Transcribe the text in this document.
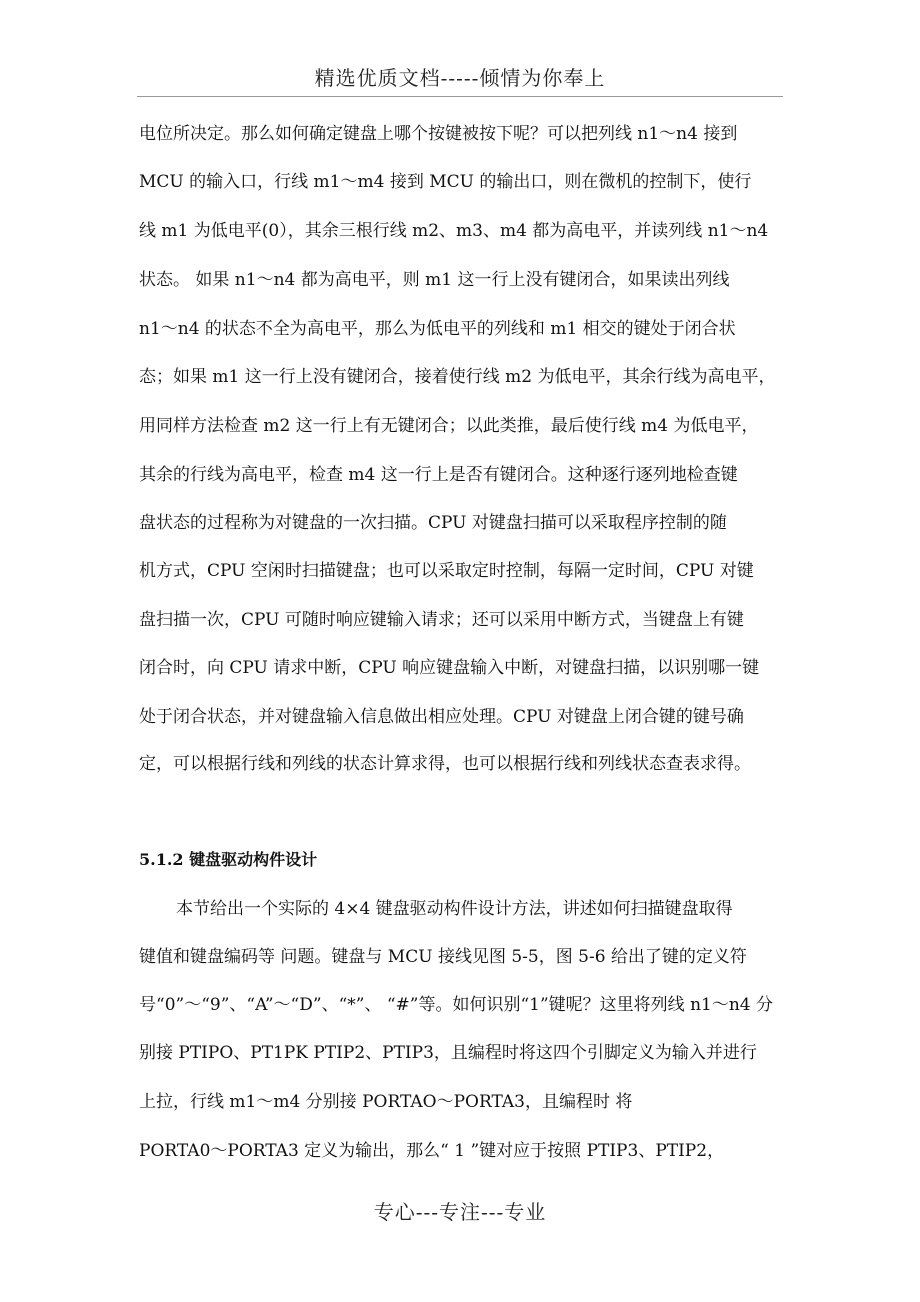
精选优质文档-----倾情为你奉上
电位所决定。那么如何确定键盘上哪个按键被按下呢？可以把列线 n1～n4 接到
MCU 的输入口，行线 m1～m4 接到 MCU 的输出口，则在微机的控制下，使行
线 m1 为低电平(0），其余三根行线 m2、m3、m4 都为高电平，并读列线 n1～n4
状态。 如果 n1～n4 都为高电平，则 m1 这一行上没有键闭合，如果读出列线
n1～n4 的状态不全为高电平，那么为低电平的列线和 m1 相交的键处于闭合状
态；如果 m1 这一行上没有键闭合，接着使行线 m2 为低电平，其余行线为高电平，
用同样方法检查 m2 这一行上有无键闭合；以此类推，最后使行线 m4 为低电平，
其余的行线为高电平，检查 m4 这一行上是否有键闭合。这种逐行逐列地检查键
盘状态的过程称为对键盘的一次扫描。CPU 对键盘扫描可以采取程序控制的随
机方式，CPU 空闲时扫描键盘；也可以采取定时控制，每隔一定时间，CPU 对键
盘扫描一次，CPU 可随时响应键输入请求；还可以采用中断方式，当键盘上有键
闭合时，向 CPU 请求中断，CPU 响应键盘输入中断，对键盘扫描，以识别哪一键
处于闭合状态，并对键盘输入信息做出相应处理。CPU 对键盘上闭合键的键号确
定，可以根据行线和列线的状态计算求得，也可以根据行线和列线状态查表求得。
5.1.2 键盘驱动构件设计
本节给出一个实际的 4×4 键盘驱动构件设计方法，讲述如何扫描键盘取得
键值和键盘编码等 问题。键盘与 MCU 接线见图 5-5，图 5-6 给出了键的定义符
号“0”～“9”、“A”～“D”、“*”、 “#”等。如何识别“1”键呢？这里将列线 n1～n4 分
别接 PTIPO、PT1PK PTIP2、PTIP3，且编程时将这四个引脚定义为输入并进行
上拉，行线 m1～m4 分别接 PORTAO～PORTA3，且编程时 将
PORTA0～PORTA3 定义为输出，那么“ 1 ”键对应于按照 PTIP3、PTIP2，
专心---专注---专业
